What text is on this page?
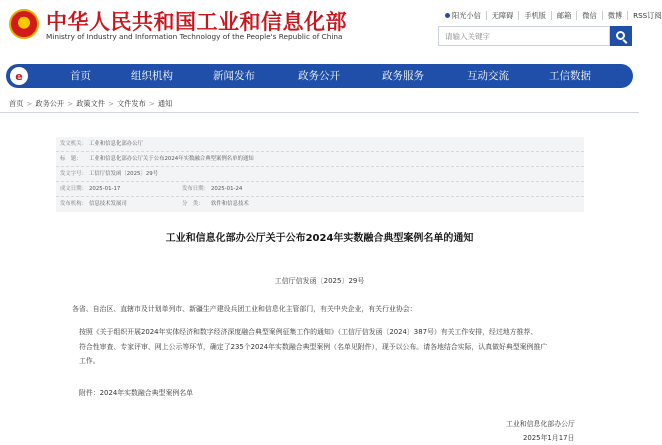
中华人民共和国工业和信息化部
Ministry of Industry and Information Technology of the People's Republic of China
阳光小信	无障碍	手机版	邮箱	微信	微博	RSS订阅
请输入关键字
e	首页	组织机构	新闻发布	政务公开	政务服务	互动交流	工信数据
首页 > 政务公开 > 政策文件 > 文件发布 > 通知
发文机关： 工业和信息化部办公厅
标　题： 工业和信息化部办公厅关于公布2024年实数融合典型案例名单的通知
发文字号： 工信厅信发函〔2025〕29号
成文日期： 2025-01-17	发布日期： 2025-01-24
发布机构： 信息技术发展司	分　类： 软件和信息技术
工业和信息化部办公厅关于公布2024年实数融合典型案例名单的通知
工信厅信发函〔2025〕29号
各省、自治区、直辖市及计划单列市、新疆生产建设兵团工业和信息化主管部门，有关中央企业，有关行业协会：
按照《关于组织开展2024年实体经济和数字经济深度融合典型案例征集工作的通知》（工信厅信发函〔2024〕387号）有关工作安排，经过地方推荐、
符合性审查、专家评审、网上公示等环节，确定了235个2024年实数融合典型案例（名单见附件），现予以公布。请各地结合实际，认真做好典型案例推广
工作。
附件：2024年实数融合典型案例名单
工业和信息化部办公厅
2025年1月17日
